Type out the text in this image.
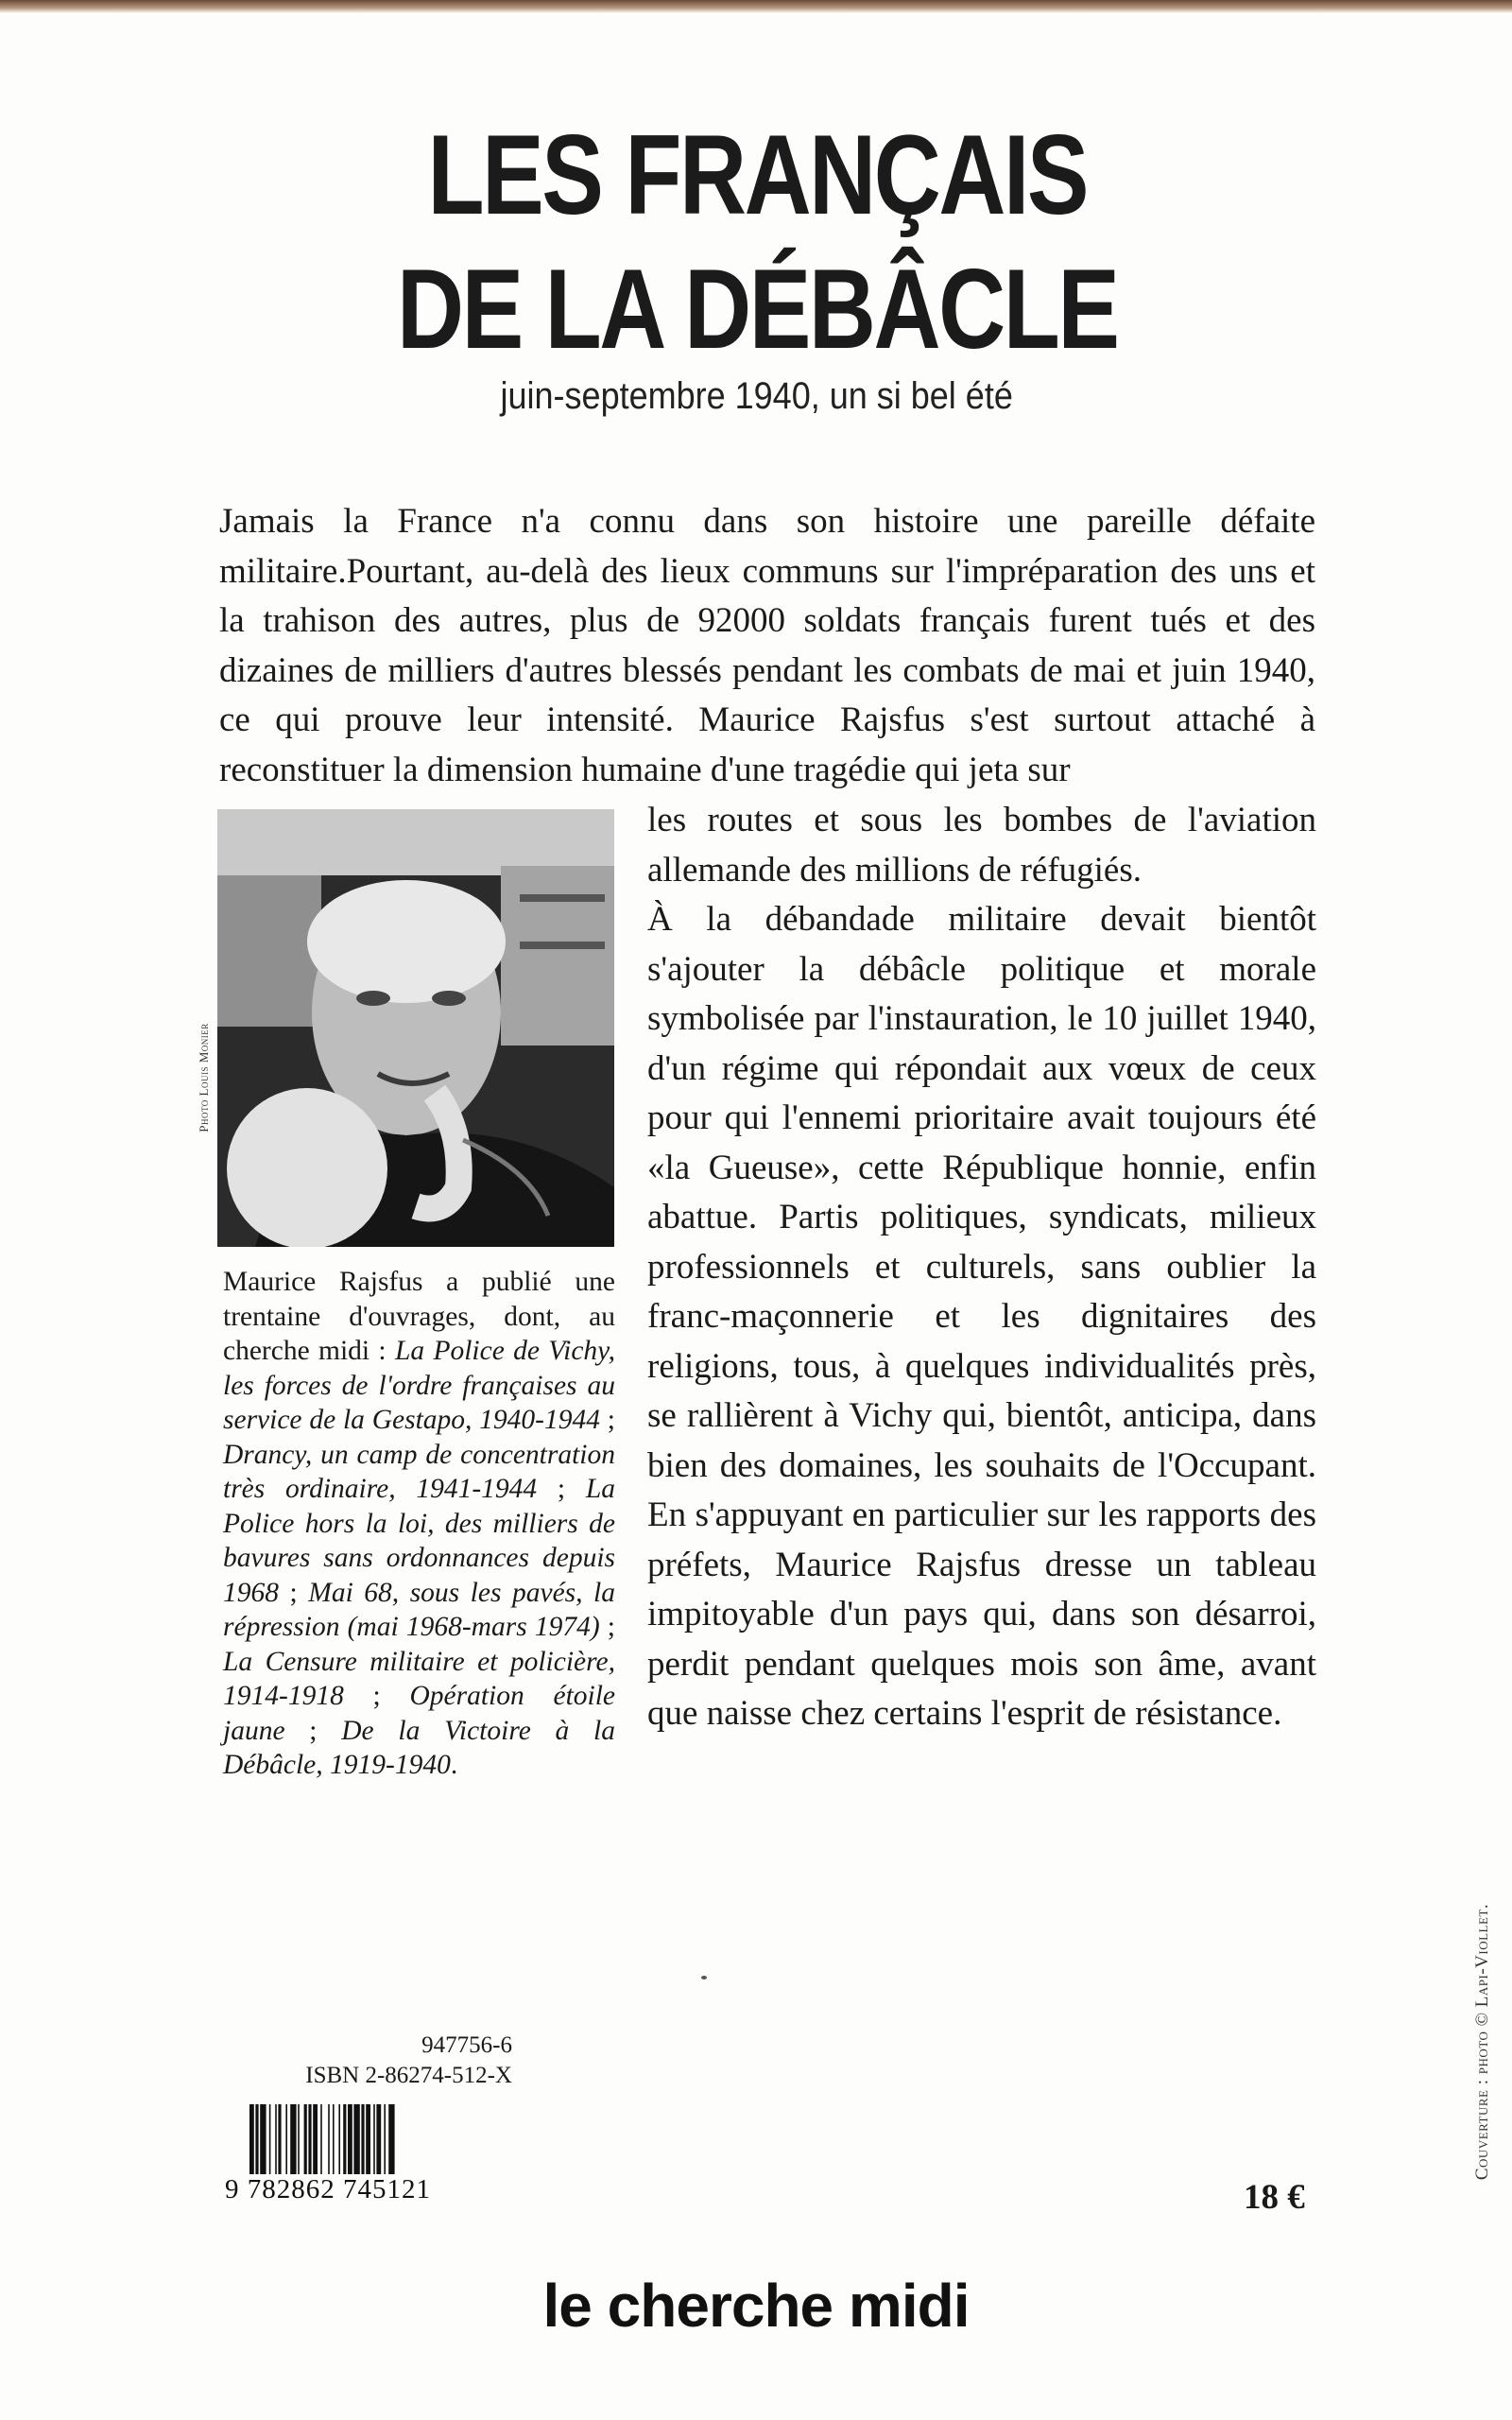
LES FRANÇAIS
DE LA DÉBÂCLE
juin-septembre 1940, un si bel été
Jamais la France n'a connu dans son histoire une pareille défaite militaire.Pourtant, au-delà des lieux communs sur l'impréparation des uns et la trahison des autres, plus de 92000 soldats français furent tués et des dizaines de milliers d'autres blessés pendant les combats de mai et juin 1940, ce qui prouve leur intensité. Maurice Rajsfus s'est surtout attaché à reconstituer la dimension humaine d'une tragédie qui jeta sur
Photo Louis Monier

les routes et sous les bombes de l'aviation allemande des millions de réfugiés.

À la débandade militaire devait bientôt s'ajouter la débâcle politique et morale symbolisée par l'instauration, le 10 juillet 1940, d'un régime qui répondait aux vœux de ceux pour qui l'ennemi prioritaire avait toujours été «la Gueuse», cette République honnie, enfin abattue. Partis politiques, syndicats, milieux professionnels et culturels, sans oublier la franc-maçonnerie et les dignitaires des religions, tous, à quelques individualités près, se rallièrent à Vichy qui, bientôt, anticipa, dans bien des domaines, les souhaits de l'Occupant. En s'appuyant en particulier sur les rapports des préfets, Maurice Rajsfus dresse un tableau impitoyable d'un pays qui, dans son désarroi, perdit pendant quelques mois son âme, avant que naisse chez certains l'esprit de résistance.

Maurice Rajsfus a publié une trentaine d'ouvrages, dont, au cherche midi : La Police de Vichy, les forces de l'ordre françaises au service de la Gestapo, 1940-1944 ; Drancy, un camp de concentration très ordinaire, 1941-1944 ; La Police hors la loi, des milliers de bavures sans ordonnances depuis 1968 ; Mai 68, sous les pavés, la répression (mai 1968-mars 1974) ; La Censure militaire et policière, 1914-1918 ; Opération étoile jaune ; De la Victoire à la Débâcle, 1919-1940.
947756-6
ISBN 2-86274-512-X
9 782862 745121	18 €
Couverture : photo © Lapi-Viollet.
le cherche midi
